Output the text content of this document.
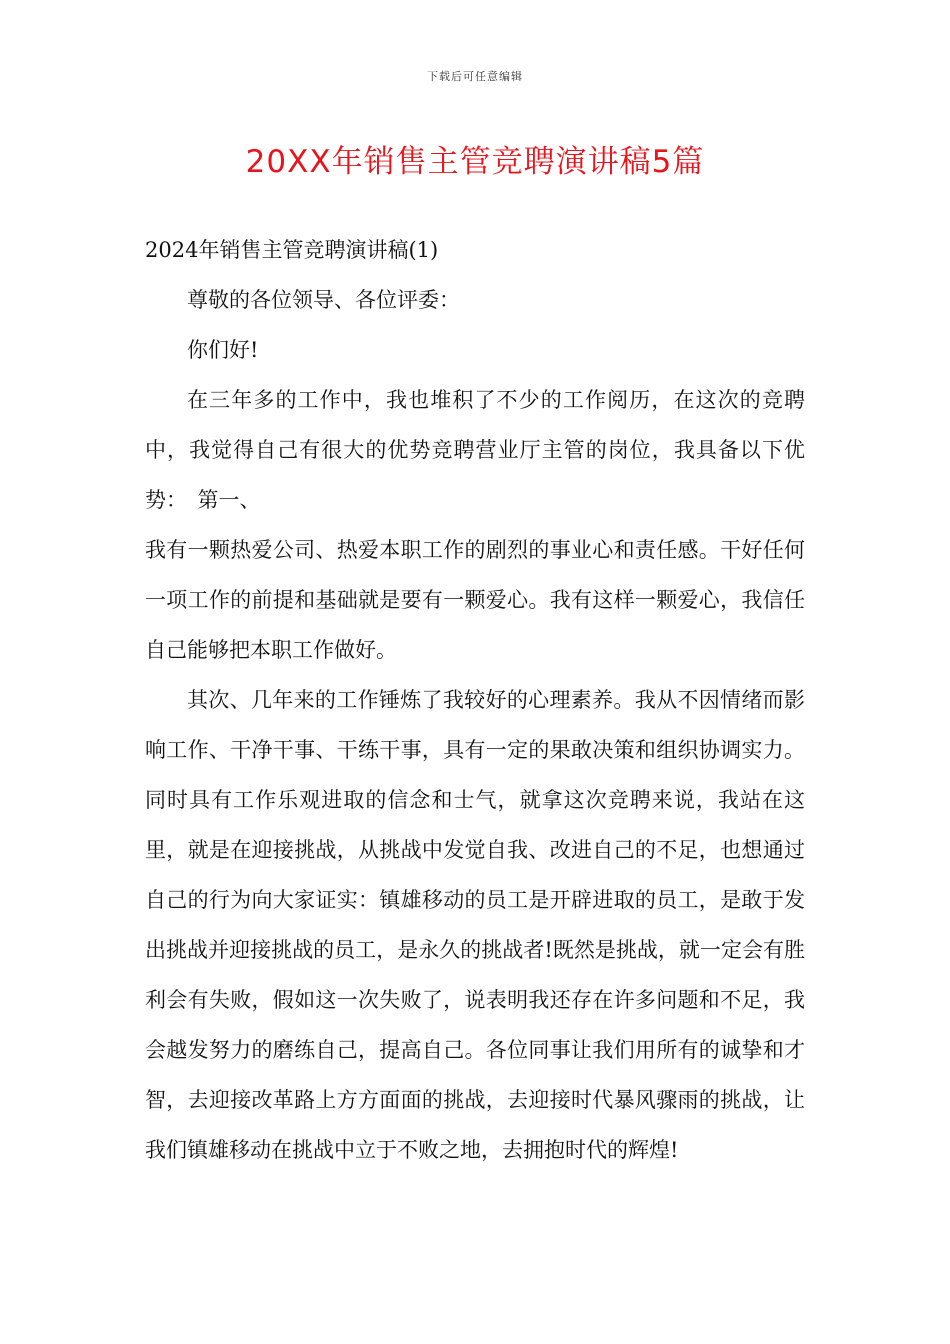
下载后可任意编辑
20XX年销售主管竞聘演讲稿5篇

2024年销售主管竞聘演讲稿(1)

尊敬的各位领导、各位评委：

你们好!

在三年多的工作中，我也堆积了不少的工作阅历，在这次的竞聘中，我觉得自己有很大的优势竞聘营业厅主管的岗位，我具备以下优势：　第一、

我有一颗热爱公司、热爱本职工作的剧烈的事业心和责任感。干好任何一项工作的前提和基础就是要有一颗爱心。我有这样一颗爱心，我信任自己能够把本职工作做好。

其次、几年来的工作锤炼了我较好的心理素养。我从不因情绪而影响工作、干净干事、干练干事，具有一定的果敢决策和组织协调实力。同时具有工作乐观进取的信念和士气，就拿这次竞聘来说，我站在这里，就是在迎接挑战，从挑战中发觉自我、改进自己的不足，也想通过自己的行为向大家证实：镇雄移动的员工是开辟进取的员工，是敢于发出挑战并迎接挑战的员工，是永久的挑战者!既然是挑战，就一定会有胜利会有失败，假如这一次失败了，说表明我还存在许多问题和不足，我会越发努力的磨练自己，提高自己。各位同事让我们用所有的诚挚和才智，去迎接改革路上方方面面的挑战，去迎接时代暴风骤雨的挑战，让我们镇雄移动在挑战中立于不败之地，去拥抱时代的辉煌!
